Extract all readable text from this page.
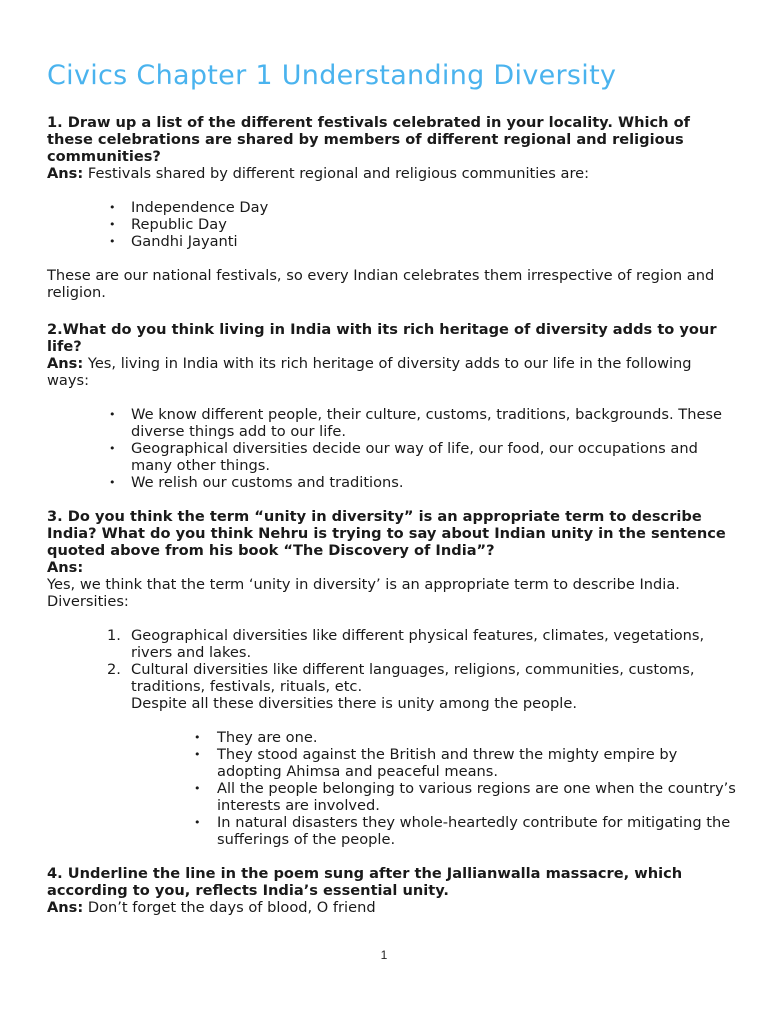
Civics Chapter 1 Understanding Diversity

1. Draw up a list of the different festivals celebrated in your locality. Which of these celebrations are shared by members of different regional and religious communities?

Ans: Festivals shared by different regional and religious communities are:

• Independence Day
• Republic Day
• Gandhi Jayanti

These are our national festivals, so every Indian celebrates them irrespective of region and religion.

2.What do you think living in India with its rich heritage of diversity adds to your life?

Ans: Yes, living in India with its rich heritage of diversity adds to our life in the following ways:

• We know different people, their culture, customs, traditions, backgrounds. These diverse things add to our life.
• Geographical diversities decide our way of life, our food, our occupations and many other things.
• We relish our customs and traditions.

3. Do you think the term “unity in diversity” is an appropriate term to describe India? What do you think Nehru is trying to say about Indian unity in the sentence quoted above from his book “The Discovery of India”?

Ans:

Yes, we think that the term ‘unity in diversity’ is an appropriate term to describe India. Diversities:

1. Geographical diversities like different physical features, climates, vegetations, rivers and lakes.
2. Cultural diversities like different languages, religions, communities, customs, traditions, festivals, rituals, etc.
Despite all these diversities there is unity among the people.
• They are one.
• They stood against the British and threw the mighty empire by adopting Ahimsa and peaceful means.
• All the people belonging to various regions are one when the country’s interests are involved.
• In natural disasters they whole-heartedly contribute for mitigating the sufferings of the people.

4. Underline the line in the poem sung after the Jallianwalla massacre, which according to you, reflects India’s essential unity.

Ans: Don’t forget the days of blood, O friend

1
